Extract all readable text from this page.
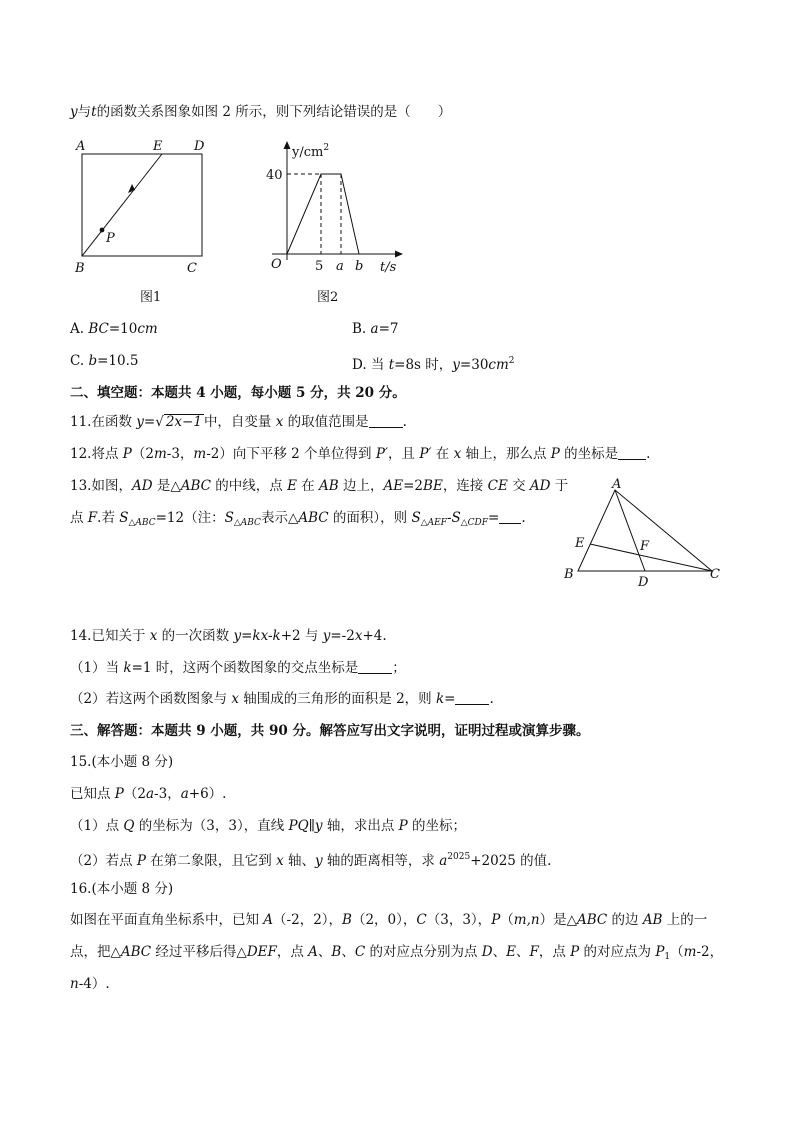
y与t的函数关系图象如图 2 所示，则下列结论错误的是（　　）
A	E D
P
B	C
图1
$y/cm^2$
40
O	5 a b t/s
图2
A. BC=10cm	B. a=7
C. b=10.5	D. 当 t=8s 时，$y=30cm^2$
二、填空题：本题共 4 小题，每小题 5 分，共 20 分。
11.在函数 y=√ 2x−1 中，自变量 x 的取值范围是	.
12.将点 P（2m-3，m-2）向下平移 2 个单位得到 P′，且 P′ 在 x 轴上，那么点 P 的坐标是 .
13.如图，AD 是△ABC 的中线，点 E 在 AB 边上，AE=2BE，连接 CE 交 AD 于
点 F.若 $S_{\triangle ABC}=12$（注：$S_{\triangle ABC}$表示△ABC 的面积），则 $S_{\triangle AEF}-S_{\triangle CDF}=$ .
A
E	F
B
D
C
14.已知关于 x 的一次函数 y=kx-k+2 与 y=-2x+4.
（1）当 k=1 时，这两个函数图象的交点坐标是	；
（2）若这两个函数图象与 x 轴围成的三角形的面积是 2，则 k=	.
三、解答题：本题共 9 小题，共 90 分。解答应写出文字说明，证明过程或演算步骤。
15.(本小题 8 分)
已知点 P（2a-3，a+6）.
（1）点 Q 的坐标为（3，3），直线 PQ∥y 轴，求出点 P 的坐标；
（2）若点 P 在第二象限，且它到 x 轴、y 轴的距离相等，求 $a^{2025}+2025$ 的值.
16.(本小题 8 分)
如图在平面直角坐标系中，已知 A（-2，2），B（2，0），C（3，3），P（m,n）是△ABC 的边 AB 上的一
点，把△ABC 经过平移后得△DEF，点 A、B、C 的对应点分别为点 D、E、F，点 P 的对应点为 $P_1(m-2$，
n-4）.
